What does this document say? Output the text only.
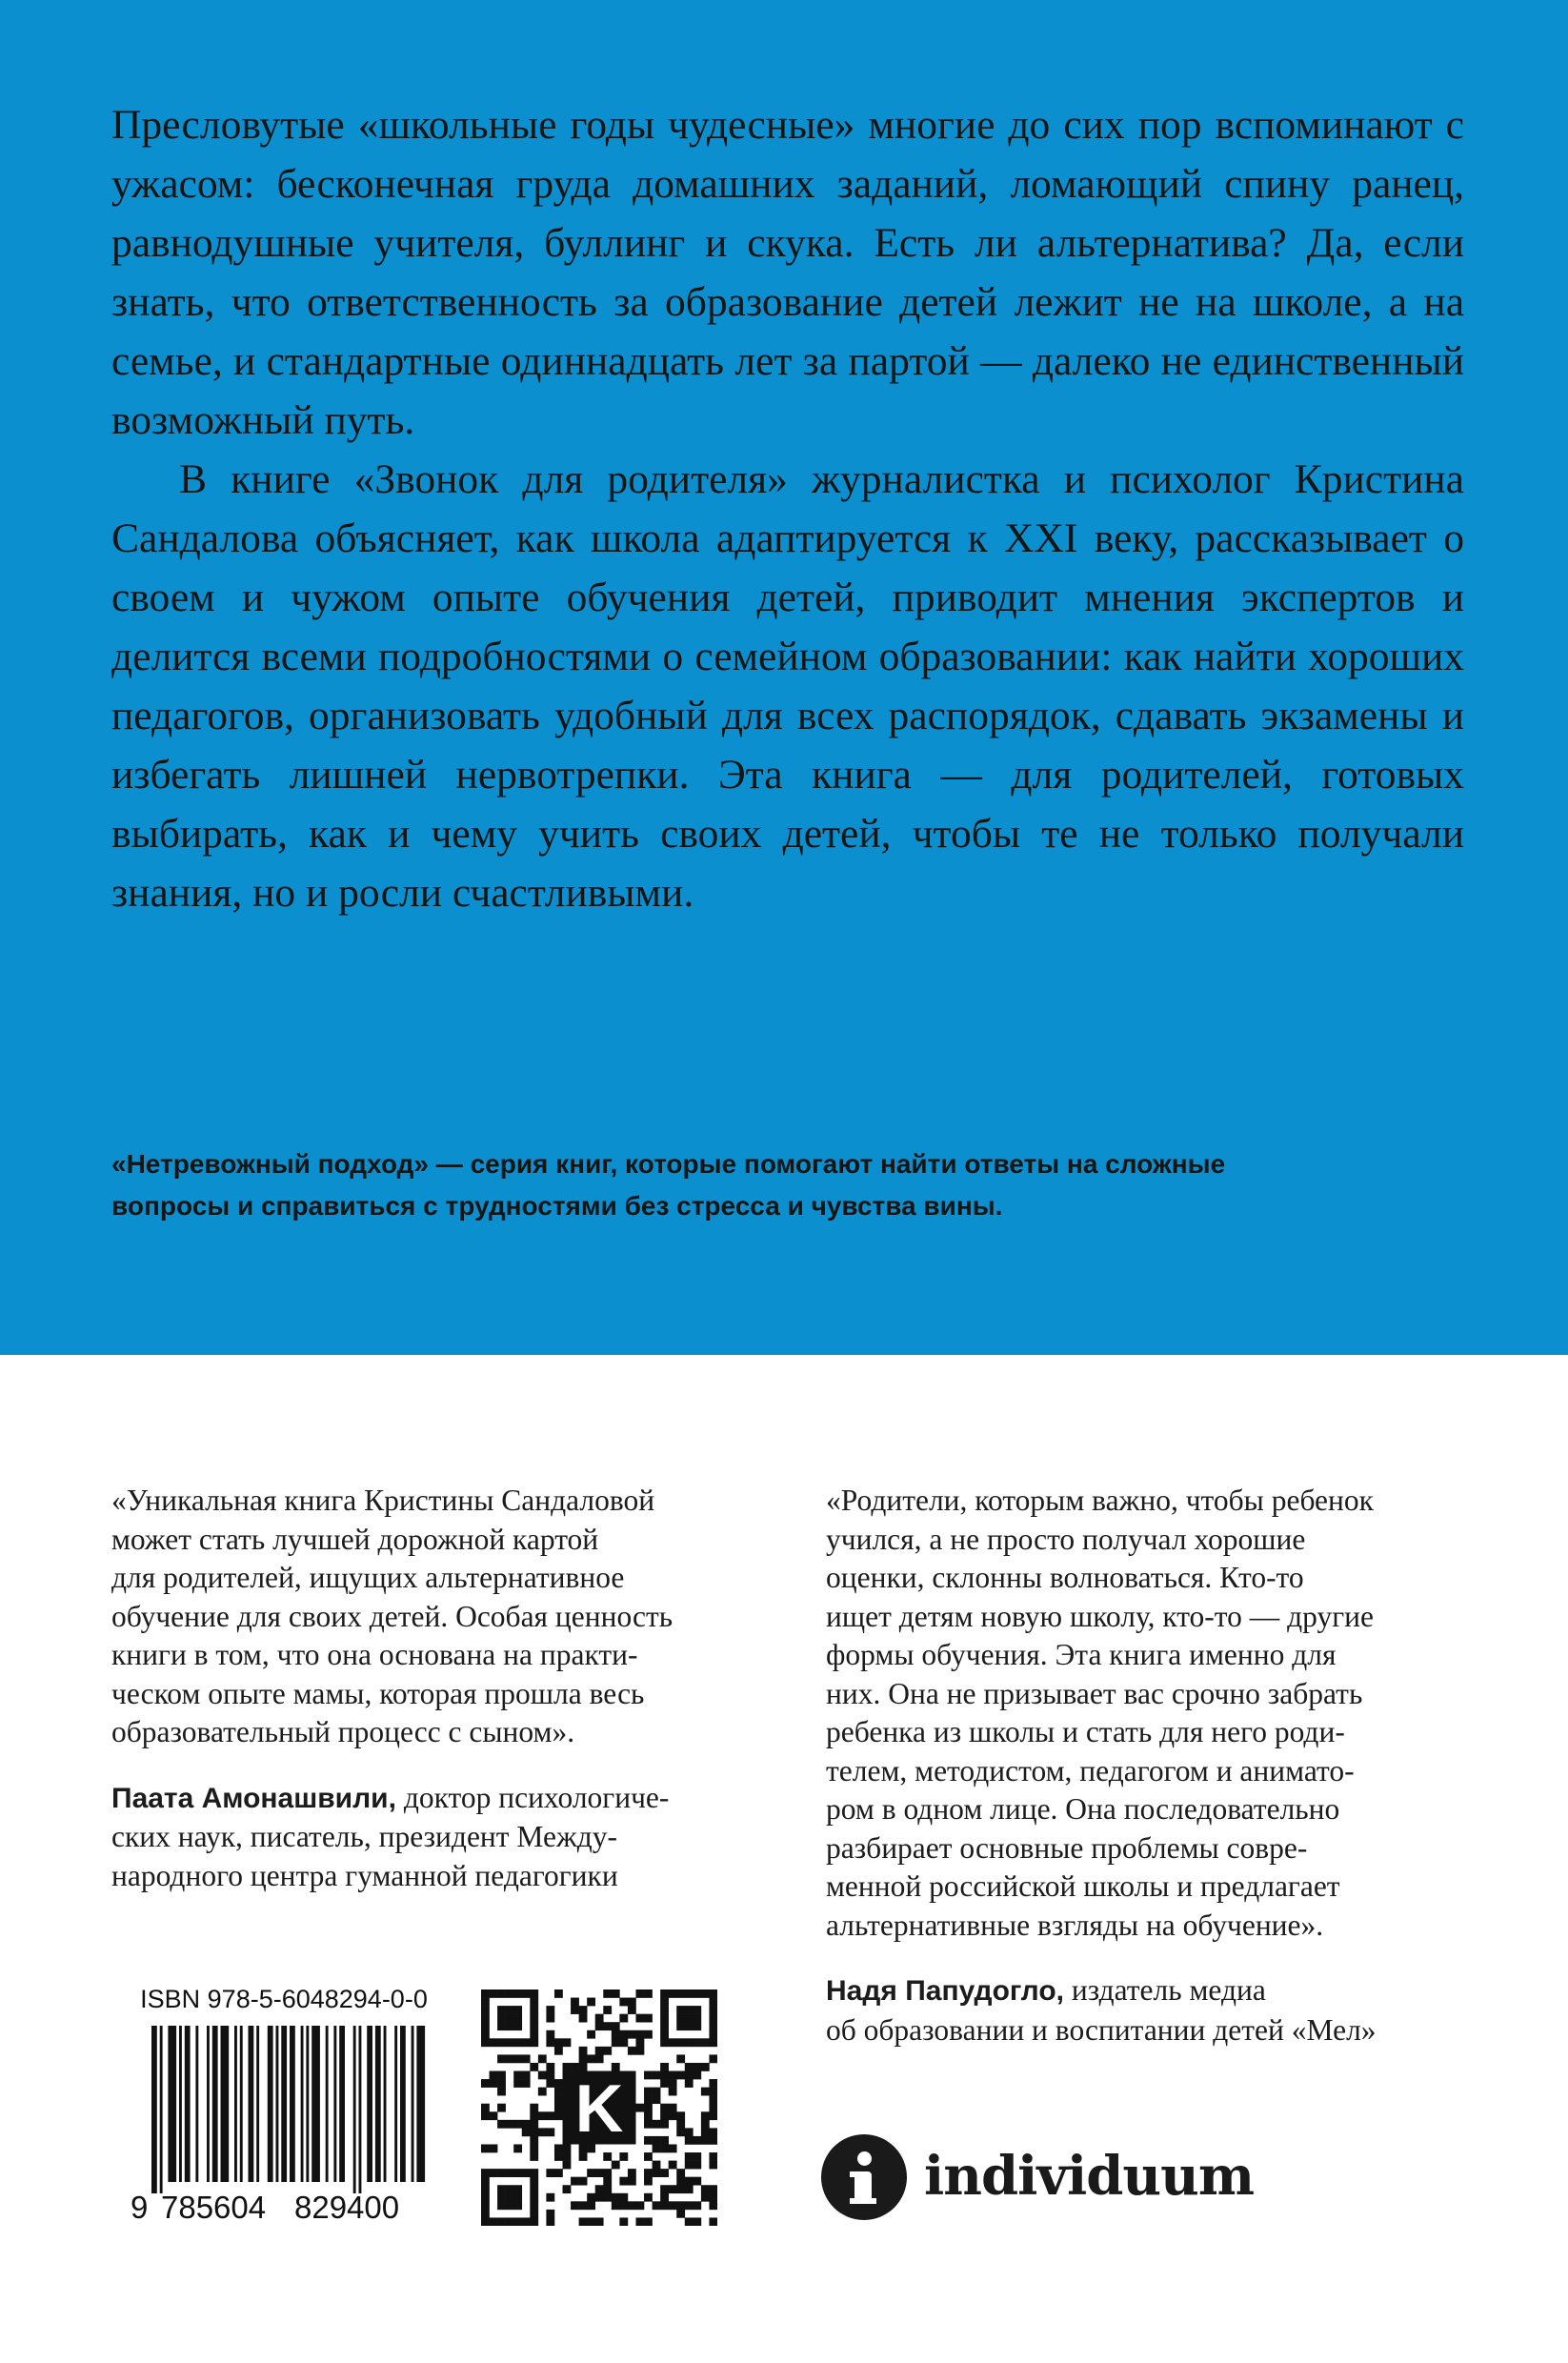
Пресловутые «школьные годы чудесные» многие до сих пор вспоминают с ужасом: бесконечная груда домашних заданий, ломающий спину ранец, равнодушные учителя, буллинг и скука. Есть ли альтернатива? Да, если знать, что ответственность за образование детей лежит не на школе, а на семье, и стандартные одиннадцать лет за партой — далеко не единственный возможный путь.

В книге «Звонок для родителя» журналистка и психолог Кристина Сандалова объясняет, как школа адаптируется к XXI веку, рассказывает о своем и чужом опыте обучения детей, приводит мнения экспертов и делится всеми подробностями о семейном образовании: как найти хороших педагогов, организовать удобный для всех распорядок, сдавать экзамены и избегать лишней нервотрепки. Эта книга — для родителей, готовых выбирать, как и чему учить своих детей, чтобы те не только получали знания, но и росли счастливыми.

«Нетревожный подход» — серия книг, которые помогают найти ответы на сложные вопросы и справиться с трудностями без стресса и чувства вины.

«Уникальная книга Кристины Сандаловой
может стать лучшей дорожной картой
для родителей, ищущих альтернативное
обучение для своих детей. Особая ценность
книги в том, что она основана на практи-
ческом опыте мамы, которая прошла весь
образовательный процесс с сыном».

Паата Амонашвили, доктор психологиче-
ских наук, писатель, президент Между-
народного центра гуманной педагогики

«Родители, которым важно, чтобы ребенок
учился, а не просто получал хорошие
оценки, склонны волноваться. Кто-то
ищет детям новую школу, кто-то — другие
формы обучения. Эта книга именно для
них. Она не призывает вас срочно забрать
ребенка из школы и стать для него роди-
телем, методистом, педагогом и анимато-
ром в одном лице. Она последовательно
разбирает основные проблемы совре-
менной российской школы и предлагает
альтернативные взгляды на обучение».

Надя Папудогло, издатель медиа
об образовании и воспитании детей «Мел»

ISBN 978-5-6048294-0-0
9 785604 829400
K
individuum
